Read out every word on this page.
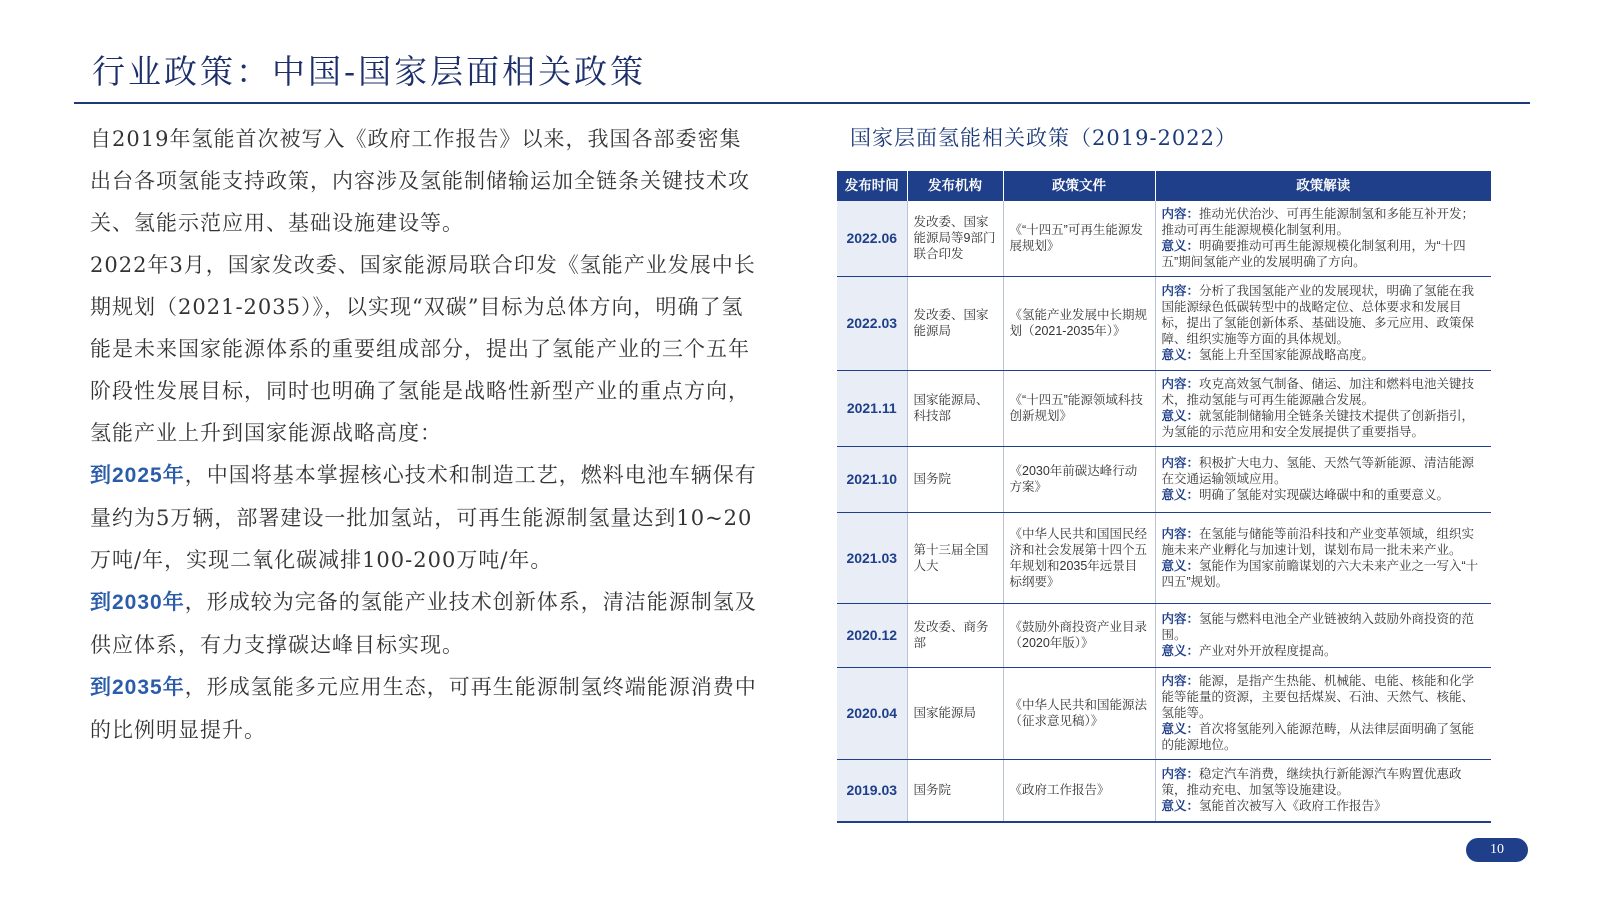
行业政策：中国-国家层面相关政策

自2019年氢能首次被写入《政府工作报告》以来，我国各部委密集出台各项氢能支持政策，内容涉及氢能制储输运加全链条关键技术攻关、氢能示范应用、基础设施建设等。

2022年3月，国家发改委、国家能源局联合印发《氢能产业发展中长期规划（2021-2035）》，以实现“双碳”目标为总体方向，明确了氢能是未来国家能源体系的重要组成部分，提出了氢能产业的三个五年阶段性发展目标，同时也明确了氢能是战略性新型产业的重点方向，氢能产业上升到国家能源战略高度：

到2025年，中国将基本掌握核心技术和制造工艺，燃料电池车辆保有量约为5万辆，部署建设一批加氢站，可再生能源制氢量达到10~20万吨/年，实现二氧化碳减排100-200万吨/年。

到2030年，形成较为完备的氢能产业技术创新体系，清洁能源制氢及供应体系，有力支撑碳达峰目标实现。

到2035年，形成氢能多元应用生态，可再生能源制氢终端能源消费中的比例明显提升。

国家层面氢能相关政策（2019-2022）
发布时间	发布机构	政策文件	政策解读
2022.06	发改委、国家能源局等9部门联合印发	《“十四五”可再生能源发展规划》	内容：推动光伏治沙、可再生能源制氢和多能互补开发；推动可再生能源规模化制氢利用。
意义：明确要推动可再生能源规模化制氢利用，为“十四五”期间氢能产业的发展明确了方向。

2022.03	发改委、国家能源局	《氢能产业发展中长期规划（2021-2035年）》	内容：分析了我国氢能产业的发展现状，明确了氢能在我国能源绿色低碳转型中的战略定位、总体要求和发展目标，提出了氢能创新体系、基础设施、多元应用、政策保障、组织实施等方面的具体规划。
意义：氢能上升至国家能源战略高度。

2021.11	国家能源局、科技部	《“十四五”能源领域科技创新规划》	内容：攻克高效氢气制备、储运、加注和燃料电池关键技术，推动氢能与可再生能源融合发展。
意义：就氢能制储输用全链条关键技术提供了创新指引，为氢能的示范应用和安全发展提供了重要指导。

2021.10	国务院	《2030年前碳达峰行动方案》	内容：积极扩大电力、氢能、天然气等新能源、清洁能源在交通运输领域应用。
意义：明确了氢能对实现碳达峰碳中和的重要意义。

2021.03	第十三届全国人大	《中华人民共和国国民经济和社会发展第十四个五年规划和2035年远景目标纲要》	内容：在氢能与储能等前沿科技和产业变革领域，组织实施未来产业孵化与加速计划，谋划布局一批未来产业。
意义：氢能作为国家前瞻谋划的六大未来产业之一写入“十四五”规划。

2020.12	发改委、商务部	《鼓励外商投资产业目录（2020年版）》	内容：氢能与燃料电池全产业链被纳入鼓励外商投资的范围。
意义：产业对外开放程度提高。

2020.04	国家能源局	《中华人民共和国能源法（征求意见稿）》	内容：能源，是指产生热能、机械能、电能、核能和化学能等能量的资源，主要包括煤炭、石油、天然气、核能、氢能等。
意义：首次将氢能列入能源范畴，从法律层面明确了氢能的能源地位。

2019.03	国务院	《政府工作报告》	内容：稳定汽车消费，继续执行新能源汽车购置优惠政策，推动充电、加氢等设施建设。
意义：氢能首次被写入《政府工作报告》
10
